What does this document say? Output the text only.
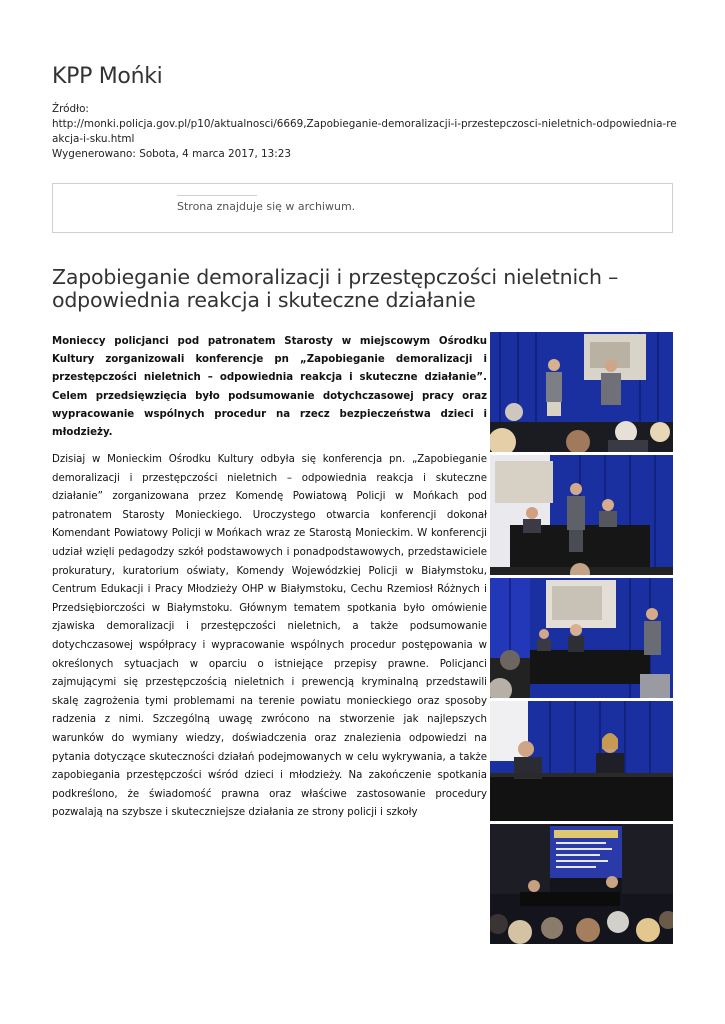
KPP Mońki
Źródło:
http://monki.policja.gov.pl/p10/aktualnosci/6669,Zapobieganie-demoralizacji-i-przestepczosci-nieletnich-odpowiednia-reakcja-i-sku.html
Wygenerowano: Sobota, 4 marca 2017, 13:23
Strona znajduje się w archiwum.
Zapobieganie demoralizacji i przestępczości nieletnich – odpowiednia reakcja i skuteczne działanie

Monieccy policjanci pod patronatem Starosty w miejscowym Ośrodku Kultury zorganizowali konferencje pn „Zapobieganie demoralizacji i przestępczości nieletnich – odpowiednia reakcja i skuteczne działanie”. Celem przedsięwzięcia było podsumowanie dotychczasowej pracy oraz wypracowanie wspólnych procedur na rzecz bezpieczeństwa dzieci i młodzieży.

Dzisiaj w Monieckim Ośrodku Kultury odbyła się konferencja pn. „Zapobieganie demoralizacji i przestępczości nieletnich – odpowiednia reakcja i skuteczne działanie” zorganizowana przez Komendę Powiatową Policji w Mońkach pod patronatem Starosty Monieckiego. Uroczystego otwarcia konferencji dokonał Komendant Powiatowy Policji w Mońkach wraz ze Starostą Monieckim. W konferencji udział wzięli pedagodzy szkół podstawowych i ponadpodstawowych, przedstawiciele prokuratury, kuratorium oświaty, Komendy Wojewódzkiej Policji w Białymstoku, Centrum Edukacji i Pracy Młodzieży OHP w Białymstoku, Cechu Rzemiosł Różnych i Przedsiębiorczości w Białymstoku. Głównym tematem spotkania było omówienie zjawiska demoralizacji i przestępczości nieletnich, a także podsumowanie dotychczasowej współpracy i wypracowanie wspólnych procedur postępowania w określonych sytuacjach w oparciu o istniejące przepisy prawne. Policjanci zajmującymi się przestępczością nieletnich i prewencją kryminalną przedstawili skalę zagrożenia tymi problemami na terenie powiatu monieckiego oraz sposoby radzenia z nimi. Szczególną uwagę zwrócono na stworzenie jak najlepszych warunków do wymiany wiedzy, doświadczenia oraz znalezienia odpowiedzi na pytania dotyczące skuteczności działań podejmowanych w celu wykrywania, a także zapobiegania przestępczości wśród dzieci i młodzieży. Na zakończenie spotkania podkreślono, że świadomość prawna oraz właściwe zastosowanie procedury pozwalają na szybsze i skuteczniejsze działania ze strony policji i szkoły
